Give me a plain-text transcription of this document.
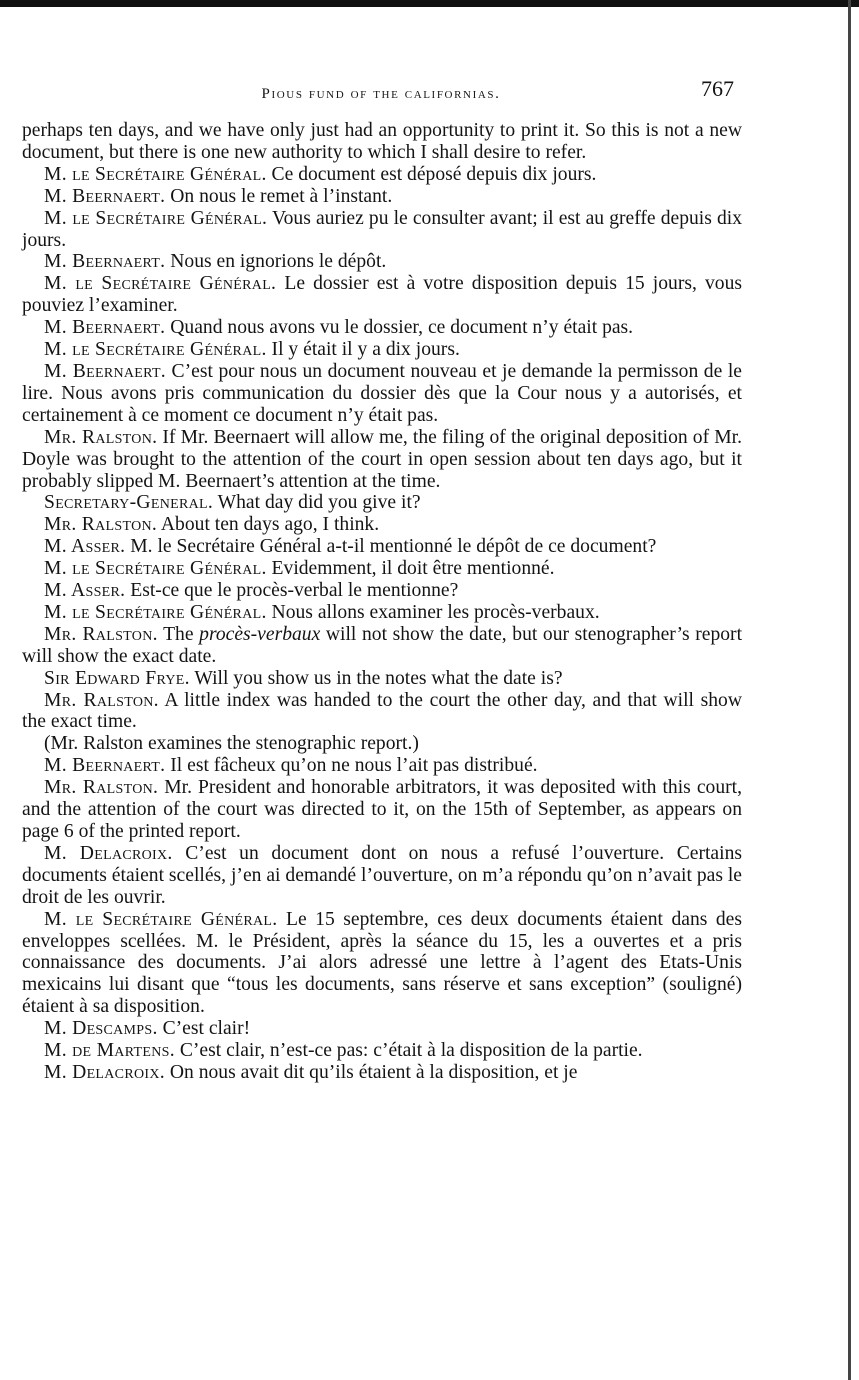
Pious fund of the californias.	767

perhaps ten days, and we have only just had an opportunity to print it. So this is not a new document, but there is one new authority to which I shall desire to refer.

M. le Secrétaire Général. Ce document est déposé depuis dix jours.

M. Beernaert. On nous le remet à l’instant.

M. le Secrétaire Général. Vous auriez pu le consulter avant; il est au greffe depuis dix jours.

M. Beernaert. Nous en ignorions le dépôt.

M. le Secrétaire Général. Le dossier est à votre disposition depuis 15 jours, vous pouviez l’examiner.

M. Beernaert. Quand nous avons vu le dossier, ce document n’y était pas.

M. le Secrétaire Général. Il y était il y a dix jours.

M. Beernaert. C’est pour nous un document nouveau et je demande la permisson de le lire. Nous avons pris communication du dossier dès que la Cour nous y a autorisés, et certainement à ce moment ce document n’y était pas.

Mr. Ralston. If Mr. Beernaert will allow me, the filing of the original deposition of Mr. Doyle was brought to the attention of the court in open session about ten days ago, but it probably slipped M. Beernaert’s attention at the time.

Secretary-General. What day did you give it?

Mr. Ralston. About ten days ago, I think.

M. Asser. M. le Secrétaire Général a-t-il mentionné le dépôt de ce document?

M. le Secrétaire Général. Evidemment, il doit être mentionné.

M. Asser. Est-ce que le procès-verbal le mentionne?

M. le Secrétaire Général. Nous allons examiner les procès-verbaux.

Mr. Ralston. The procès-verbaux will not show the date, but our stenographer’s report will show the exact date.

Sir Edward Frye. Will you show us in the notes what the date is?

Mr. Ralston. A little index was handed to the court the other day, and that will show the exact time.

(Mr. Ralston examines the stenographic report.)

M. Beernaert. Il est fâcheux qu’on ne nous l’ait pas distribué.

Mr. Ralston. Mr. President and honorable arbitrators, it was deposited with this court, and the attention of the court was directed to it, on the 15th of September, as appears on page 6 of the printed report.

M. Delacroix. C’est un document dont on nous a refusé l’ouverture. Certains documents étaient scellés, j’en ai demandé l’ouverture, on m’a répondu qu’on n’avait pas le droit de les ouvrir.

M. le Secrétaire Général. Le 15 septembre, ces deux documents étaient dans des enveloppes scellées. M. le Président, après la séance du 15, les a ouvertes et a pris connaissance des documents. J’ai alors adressé une lettre à l’agent des Etats-Unis mexicains lui disant que “tous les documents, sans réserve et sans exception” (souligné) étaient à sa disposition.

M. Descamps. C’est clair!

M. de Martens. C’est clair, n’est-ce pas: c’était à la disposition de la partie.

M. Delacroix. On nous avait dit qu’ils étaient à la disposition, et je
